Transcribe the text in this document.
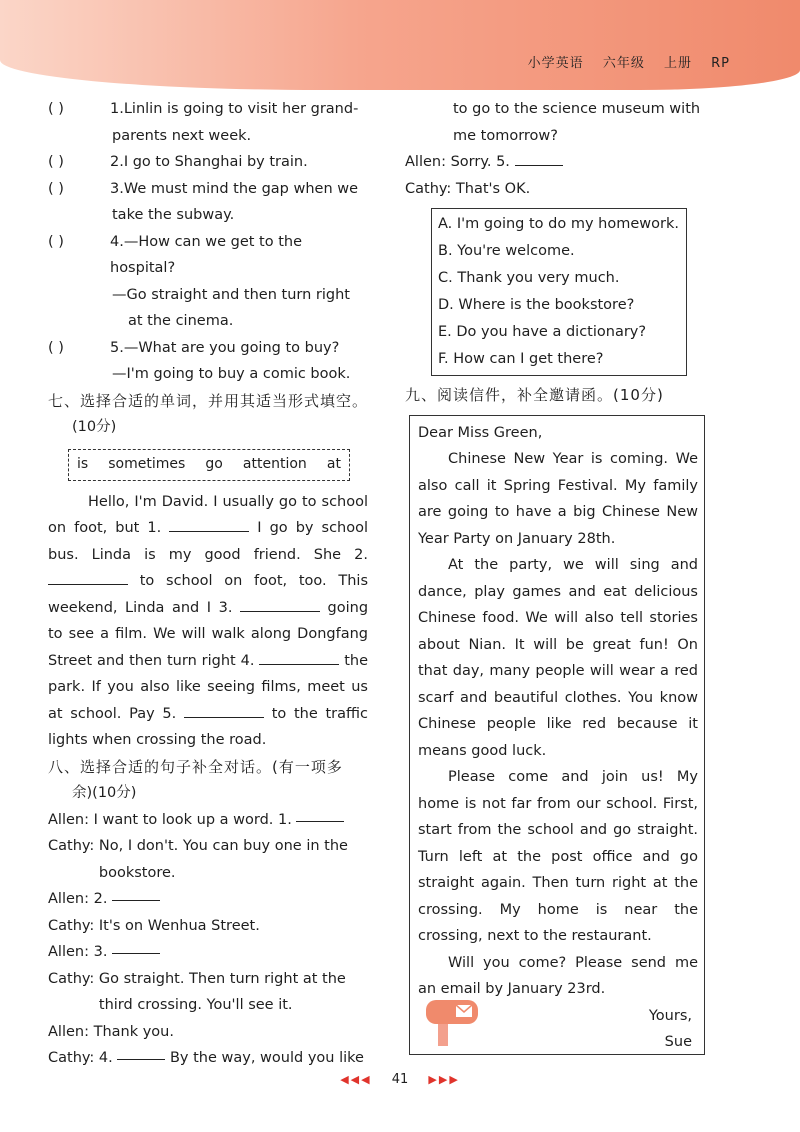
小学英语 六年级 上册 RP
( )	1.Linlin is going to visit her grand-
parents next week.
( )	2.I go to Shanghai by train.
( )	3.We must mind the gap when we
take the subway.
( )	4.—How can we get to the hospital?
—Go straight and then turn right
at the cinema.
( )	5.—What are you going to buy?
—I'm going to buy a comic book.
七、选择合适的单词，并用其适当形式填空。
(10分)
is sometimes go attention at

Hello, I'm David. I usually go to school on foot, but 1.	I go by school bus. Linda is my good friend. She 2.  to school on foot, too. This weekend, Linda and I 3.	going to see a film. We will walk along Dongfang Street and then turn right 4.	the park. If you also like seeing films, meet us at school. Pay 5.	to the traffic lights when crossing the road.

八、选择合适的句子补全对话。(有一项多
余)(10分)
Allen:
I want to look up a word. 1.

Cathy:
No, I don't. You can buy one in the bookstore.
Allen:
2.

Cathy:
It's on Wenhua Street.
Allen:
3.

Cathy:
Go straight. Then turn right at the third crossing. You'll see it.
Allen:
Thank you.
Cathy:
4.

	By the way, would you like
to go to the science museum with
me tomorrow?
Allen: Sorry. 5.
Cathy: That's OK.
A. I'm going to do my homework.
B. You're welcome.
C. Thank you very much.
D. Where is the bookstore?
E. Do you have a dictionary?
F. How can I get there?
九、阅读信件，补全邀请函。(10分)
Dear Miss Green,

Chinese New Year is coming. We also call it Spring Festival. My family are going to have a big Chinese New Year Party on January 28th.

At the party, we will sing and dance, play games and eat delicious Chinese food. We will also tell stories about Nian. It will be great fun! On that day, many people will wear a red scarf and beautiful clothes. You know Chinese people like red because it means good luck.

Please come and join us! My home is not far from our school. First, start from the school and go straight. Turn left at the post office and go straight again. Then turn right at the crossing. My home is near the crossing, next to the restaurant.

Will you come? Please send me an email by January 23rd.

Yours,
Sue
◀◀◀ 41 ▶▶▶
